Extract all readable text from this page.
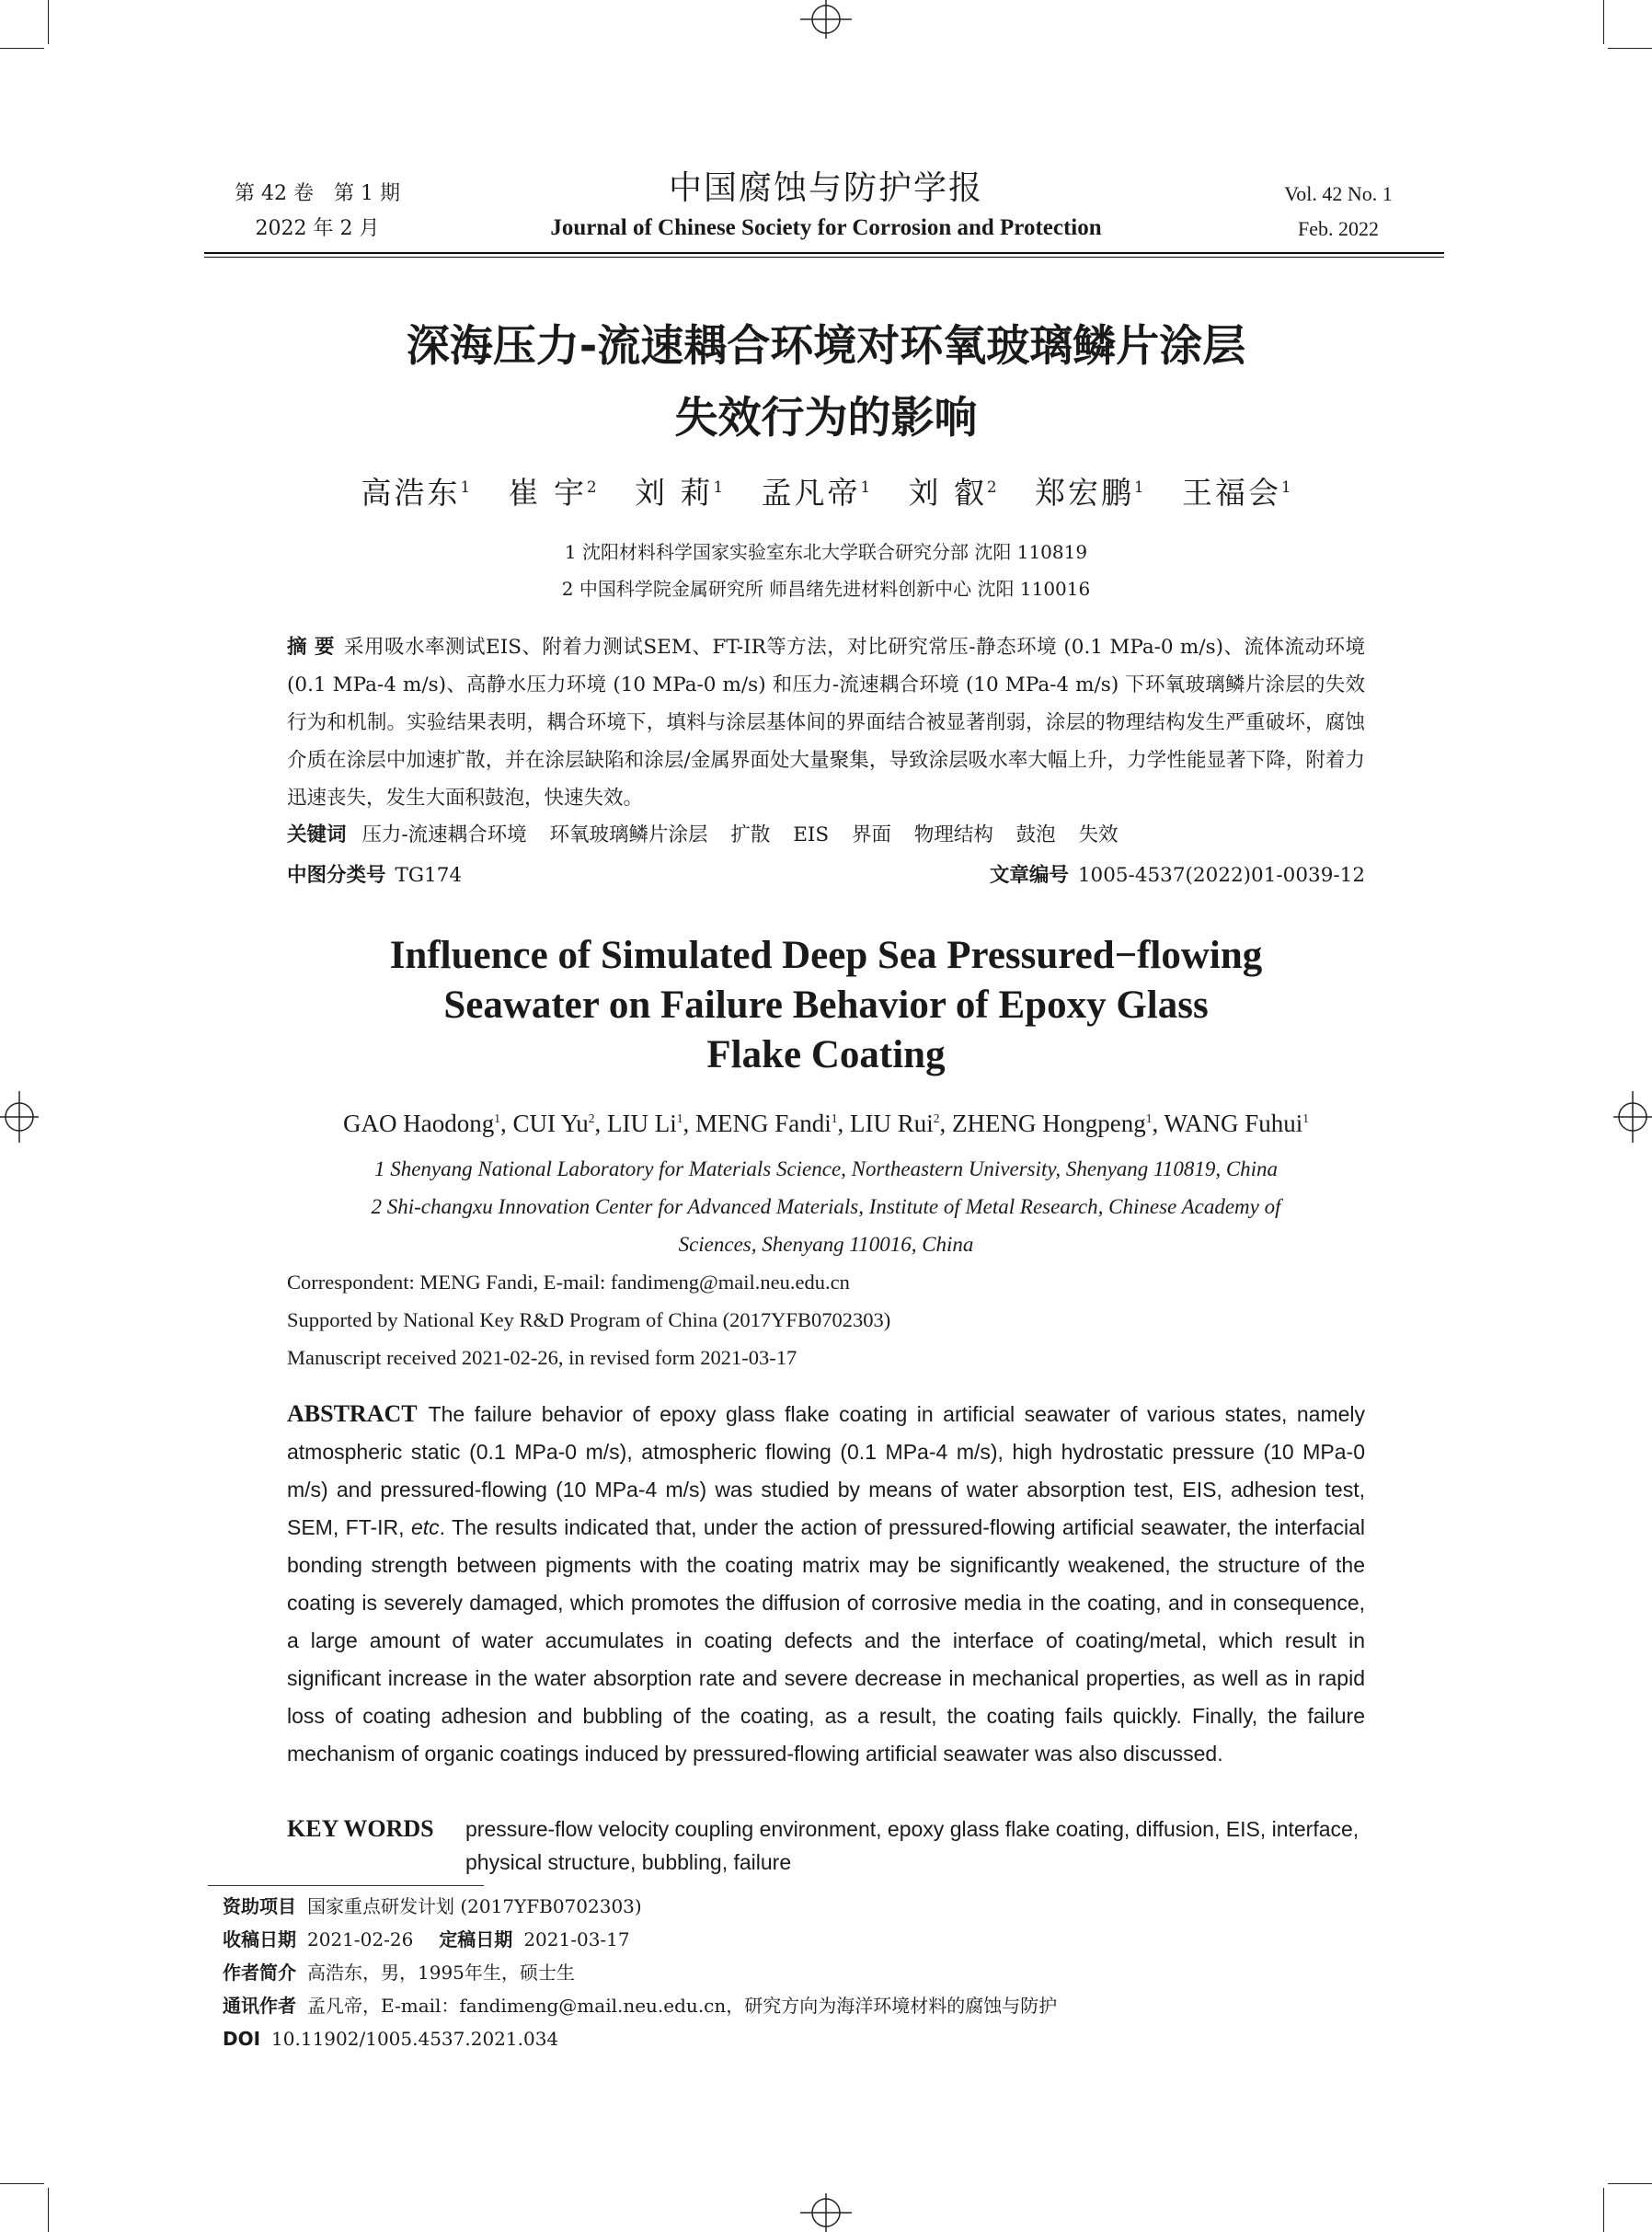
第 42 卷　第 1 期
2022 年 2 月
中国腐蚀与防护学报
Journal of Chinese Society for Corrosion and Protection
Vol. 42 No. 1
Feb. 2022
深海压力-流速耦合环境对环氧玻璃鳞片涂层
失效行为的影响
高浩东$^1$ 崔 宇$^2$ 刘 莉$^1$ 孟凡帝$^1$ 刘 叡$^2$ 郑宏鹏$^1$ 王福会$^1$
1 沈阳材料科学国家实验室东北大学联合研究分部 沈阳 110819
2 中国科学院金属研究所 师昌绪先进材料创新中心 沈阳 110016
摘 要 采用吸水率测试EIS、附着力测试SEM、FT-IR等方法，对比研究常压-静态环境 (0.1 MPa-0 m/s)、流体流动环境 (0.1 MPa-4 m/s)、高静水压力环境 (10 MPa-0 m/s) 和压力-流速耦合环境 (10 MPa-4 m/s) 下环氧玻璃鳞片涂层的失效行为和机制。实验结果表明，耦合环境下，填料与涂层基体间的界面结合被显著削弱，涂层的物理结构发生严重破坏，腐蚀介质在涂层中加速扩散，并在涂层缺陷和涂层/金属界面处大量聚集，导致涂层吸水率大幅上升，力学性能显著下降，附着力迅速丧失，发生大面积鼓泡，快速失效。
关键词 压力-流速耦合环境 环氧玻璃鳞片涂层 扩散 EIS 界面 物理结构 鼓泡 失效
中图分类号 TG174	文章编号 1005-4537(2022)01-0039-12
Influence of Simulated Deep Sea Pressured−flowing
Seawater on Failure Behavior of Epoxy Glass
Flake Coating
GAO Haodong$^1$, CUI Yu$^2$, LIU Li$^1$, MENG Fandi$^1$, LIU Rui$^2$, ZHENG Hongpeng$^1$, WANG Fuhui$^1$
1 Shenyang National Laboratory for Materials Science, Northeastern University, Shenyang 110819, China
2 Shi-changxu Innovation Center for Advanced Materials, Institute of Metal Research, Chinese Academy of
Sciences, Shenyang 110016, China
Correspondent: MENG Fandi, E-mail: fandimeng@mail.neu.edu.cn
Supported by National Key R&D Program of China (2017YFB0702303)
Manuscript received 2021-02-26, in revised form 2021-03-17
ABSTRACT The failure behavior of epoxy glass flake coating in artificial seawater of various states, namely atmospheric static (0.1 MPa-0 m/s), atmospheric flowing (0.1 MPa-4 m/s), high hydrostatic pressure (10 MPa-0 m/s) and pressured-flowing (10 MPa-4 m/s) was studied by means of water absorption test, EIS, adhesion test, SEM, FT-IR, etc. The results indicated that, under the action of pressured-flowing artificial seawater, the interfacial bonding strength between pigments with the coating matrix may be significantly weakened, the structure of the coating is severely damaged, which promotes the diffusion of corrosive media in the coating, and in consequence, a large amount of water accumulates in coating defects and the interface of coating/metal, which result in significant increase in the water absorption rate and severe decrease in mechanical properties, as well as in rapid loss of coating adhesion and bubbling of the coating, as a result, the coating fails quickly. Finally, the failure mechanism of organic coatings induced by pressured-flowing artificial seawater was also discussed.
KEY WORDS pressure-flow velocity coupling environment, epoxy glass flake coating, diffusion, EIS, interface, physical structure, bubbling, failure
资助项目 国家重点研发计划 (2017YFB0702303)
收稿日期 2021-02-26 定稿日期 2021-03-17
作者简介 高浩东，男，1995年生，硕士生
通讯作者 孟凡帝，E-mail：fandimeng@mail.neu.edu.cn，研究方向为海洋环境材料的腐蚀与防护
DOI 10.11902/1005.4537.2021.034
